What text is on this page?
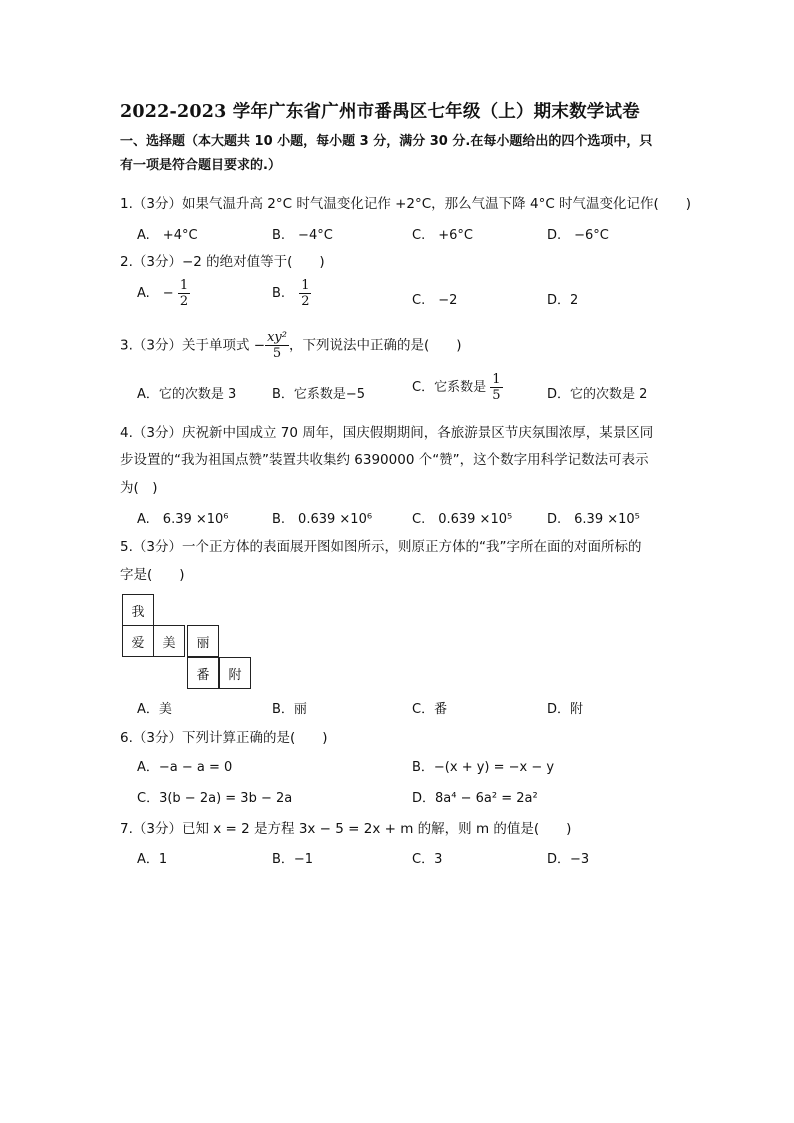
2022-2023 学年广东省广州市番禺区七年级（上）期末数学试卷
一、选择题（本大题共 10 小题，每小题 3 分，满分 30 分.在每小题给出的四个选项中，只
有一项是符合题目要求的.）
1.（3分）如果气温升高 2°C 时气温变化记作 +2°C，那么气温下降 4°C 时气温变化记作(　　)
A.　+4°C	B.　−4°C	C.　+6°C	D.　−6°C
2.（3分）−2 的绝对值等于(　　)
A.　− $\frac{1}{2}$	B. $\frac{1}{2}$	C.　−2	D．2
3.（3分）关于单项式 − $\frac{\text{xy²}}{5}$ ，下列说法中正确的是(　　)
A．它的次数是 3	B．它系数是−5	C．它系数是 $\frac{1}{5}$	D．它的次数是 2
4.（3分）庆祝新中国成立 70 周年，国庆假期期间，各旅游景区节庆氛围浓厚，某景区同
步设置的“我为祖国点赞”装置共收集约 6390000 个“赞”，这个数字用科学记数法可表示
为(　)
A.　6.39 ×10⁶	B.　0.639 ×10⁶	C.　0.639 ×10⁵	D.　6.39 ×10⁵
5.（3分）一个正方体的表面展开图如图所示，则原正方体的“我”字所在面的对面所标的
字是(　　)
我
爱	美	丽
番	附
A．美	B．丽	C．番	D．附
6.（3分）下列计算正确的是(　　)
A．−a − a = 0	B．−(x + y) = −x − y
C．3(b − 2a) = 3b − 2a	D．8a⁴ − 6a² = 2a²
7.（3分）已知 x = 2 是方程 3x − 5 = 2x + m 的解，则 m 的值是(　　)
A．1	B．−1	C．3	D．−3
